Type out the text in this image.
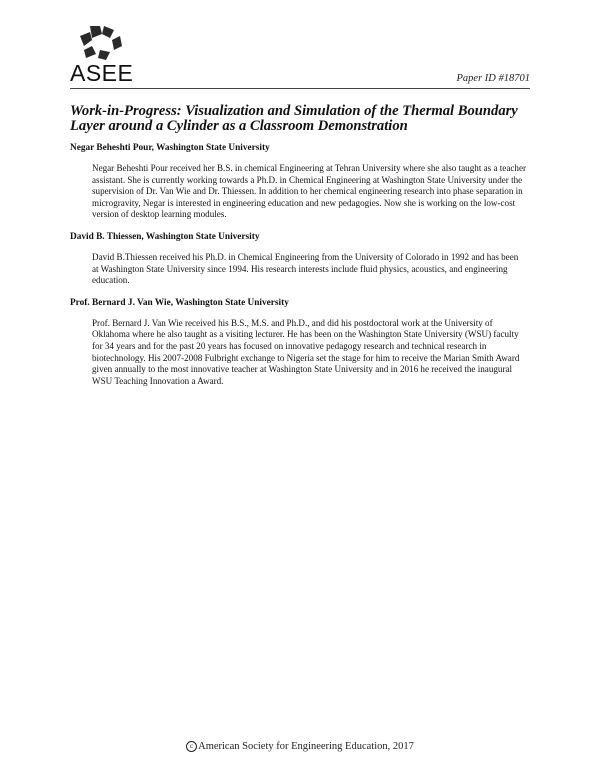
ASEE	Paper ID #18701
Work-in-Progress: Visualization and Simulation of the Thermal Boundary Layer around a Cylinder as a Classroom Demonstration

Negar Beheshti Pour, Washington State University

Negar Beheshti Pour received her B.S. in chemical Engineering at Tehran University where she also taught as a teacher assistant. She is currently working towards a Ph.D. in Chemical Engineering at Washington State University under the supervision of Dr. Van Wie and Dr. Thiessen. In addition to her chemical engineering research into phase separation in microgravity, Negar is interested in engineering education and new pedagogies. Now she is working on the low-cost version of desktop learning modules.

David B. Thiessen, Washington State University

David B.Thiessen received his Ph.D. in Chemical Engineering from the University of Colorado in 1992 and has been at Washington State University since 1994. His research interests include fluid physics, acoustics, and engineering education.

Prof. Bernard J. Van Wie, Washington State University

Prof. Bernard J. Van Wie received his B.S., M.S. and Ph.D., and did his postdoctoral work at the University of Oklahoma where he also taught as a visiting lecturer. He has been on the Washington State University (WSU) faculty for 34 years and for the past 20 years has focused on innovative pedagogy research and technical research in biotechnology. His 2007-2008 Fulbright exchange to Nigeria set the stage for him to receive the Marian Smith Award given annually to the most innovative teacher at Washington State University and in 2016 he received the inaugural WSU Teaching Innovation a Award.

c American Society for Engineering Education, 2017
